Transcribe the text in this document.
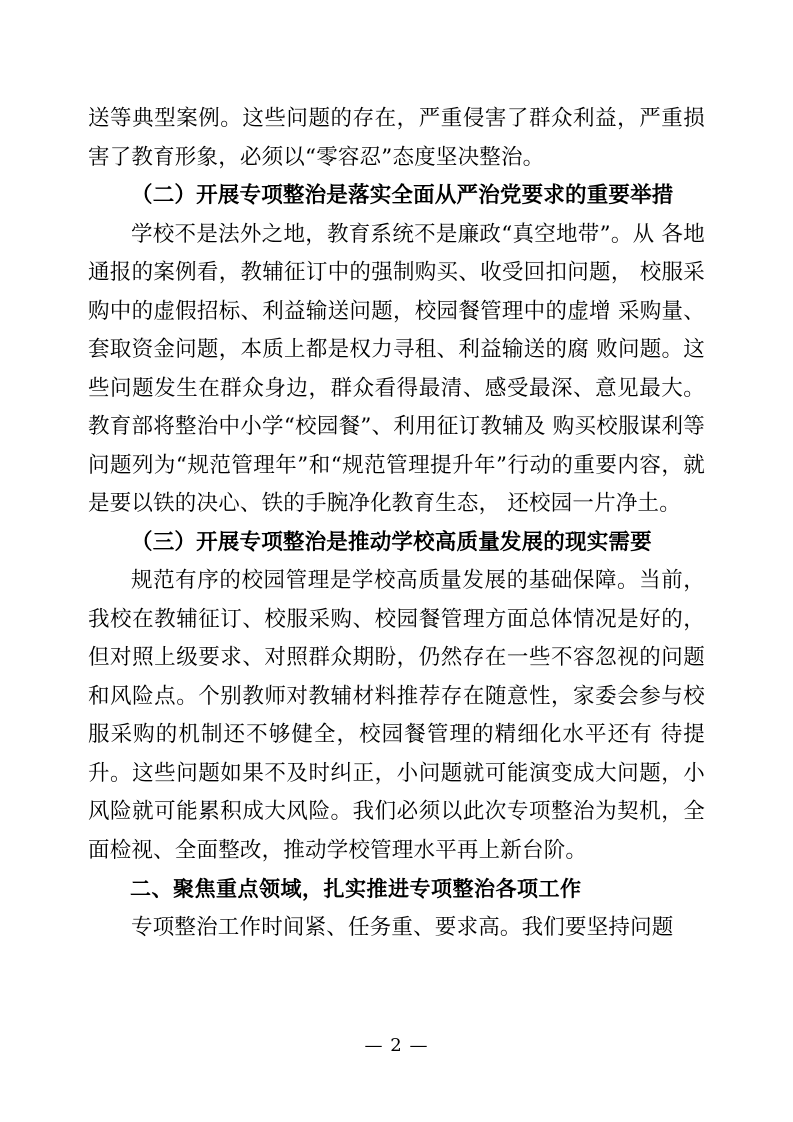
送等典型案例。这些问题的存在，严重侵害了群众利益，严重损害了教育形象，必须以“零容忍”态度坚决整治。

（二）开展专项整治是落实全面从严治党要求的重要举措

学校不是法外之地，教育系统不是廉政“真空地带”。从 各地通报的案例看，教辅征订中的强制购买、收受回扣问题， 校服采购中的虚假招标、利益输送问题，校园餐管理中的虚增 采购量、套取资金问题，本质上都是权力寻租、利益输送的腐 败问题。这些问题发生在群众身边，群众看得最清、感受最深、意见最大。教育部将整治中小学“校园餐”、利用征订教辅及 购买校服谋利等问题列为“规范管理年”和“规范管理提升年”行动的重要内容，就是要以铁的决心、铁的手腕净化教育生态， 还校园一片净土。

（三）开展专项整治是推动学校高质量发展的现实需要

规范有序的校园管理是学校高质量发展的基础保障。当前，我校在教辅征订、校服采购、校园餐管理方面总体情况是好的， 但对照上级要求、对照群众期盼，仍然存在一些不容忽视的问题和风险点。个别教师对教辅材料推荐存在随意性，家委会参与校服采购的机制还不够健全，校园餐管理的精细化水平还有 待提升。这些问题如果不及时纠正，小问题就可能演变成大问题，小风险就可能累积成大风险。我们必须以此次专项整治为契机，全面检视、全面整改，推动学校管理水平再上新台阶。

二、聚焦重点领域，扎实推进专项整治各项工作

专项整治工作时间紧、任务重、要求高。我们要坚持问题

— 2 —
